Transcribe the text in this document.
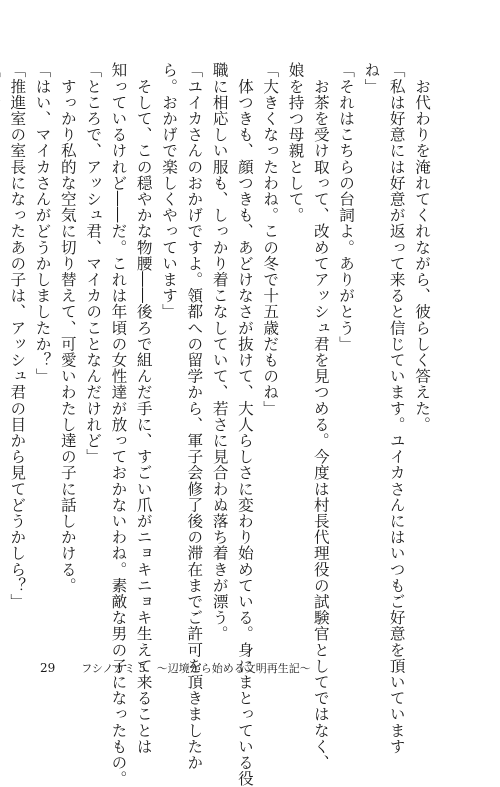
　お代わりを淹れてくれながら、彼らしく答えた。
「私は好意には好意が返って来ると信じています。ユイカさんにはいつもご好意を頂いています
ね」
「それはこちらの台詞よ。ありがとう」
　お茶を受け取って、改めてアッシュ君を見つめる。今度は村長代理役の試験官としてではなく、
娘を持つ母親として。
「大きくなったわね。この冬で十五歳だものね」
　体つきも、顔つきも、あどけなさが抜けて、大人らしさに変わり始めている。身にまとっている役
職に相応しい服も、しっかり着こなしていて、若さに見合わぬ落ち着きが漂う。
「ユイカさんのおかげですよ。領都への留学から、軍子会修了後の滞在までご許可を頂きましたか
ら。おかげで楽しくやっています」
　そして、この穏やかな物腰――後ろで組んだ手に、すごい爪がニョキニョキ生えて来ることは
知っているけれど――だ。これは年頃の女性達が放っておかないわね。素敵な男の子になったもの。
「ところで、アッシュ君、マイカのことなんだけれど」
　すっかり私的な空気に切り替えて、可愛いわたし達の子に話しかける。
「はい、マイカさんがどうかしましたか？」
「推進室の室長になったあの子は、アッシュ君の目から見てどうかしら？」
29 フシノカミ 5　～辺境から始める文明再生記～
